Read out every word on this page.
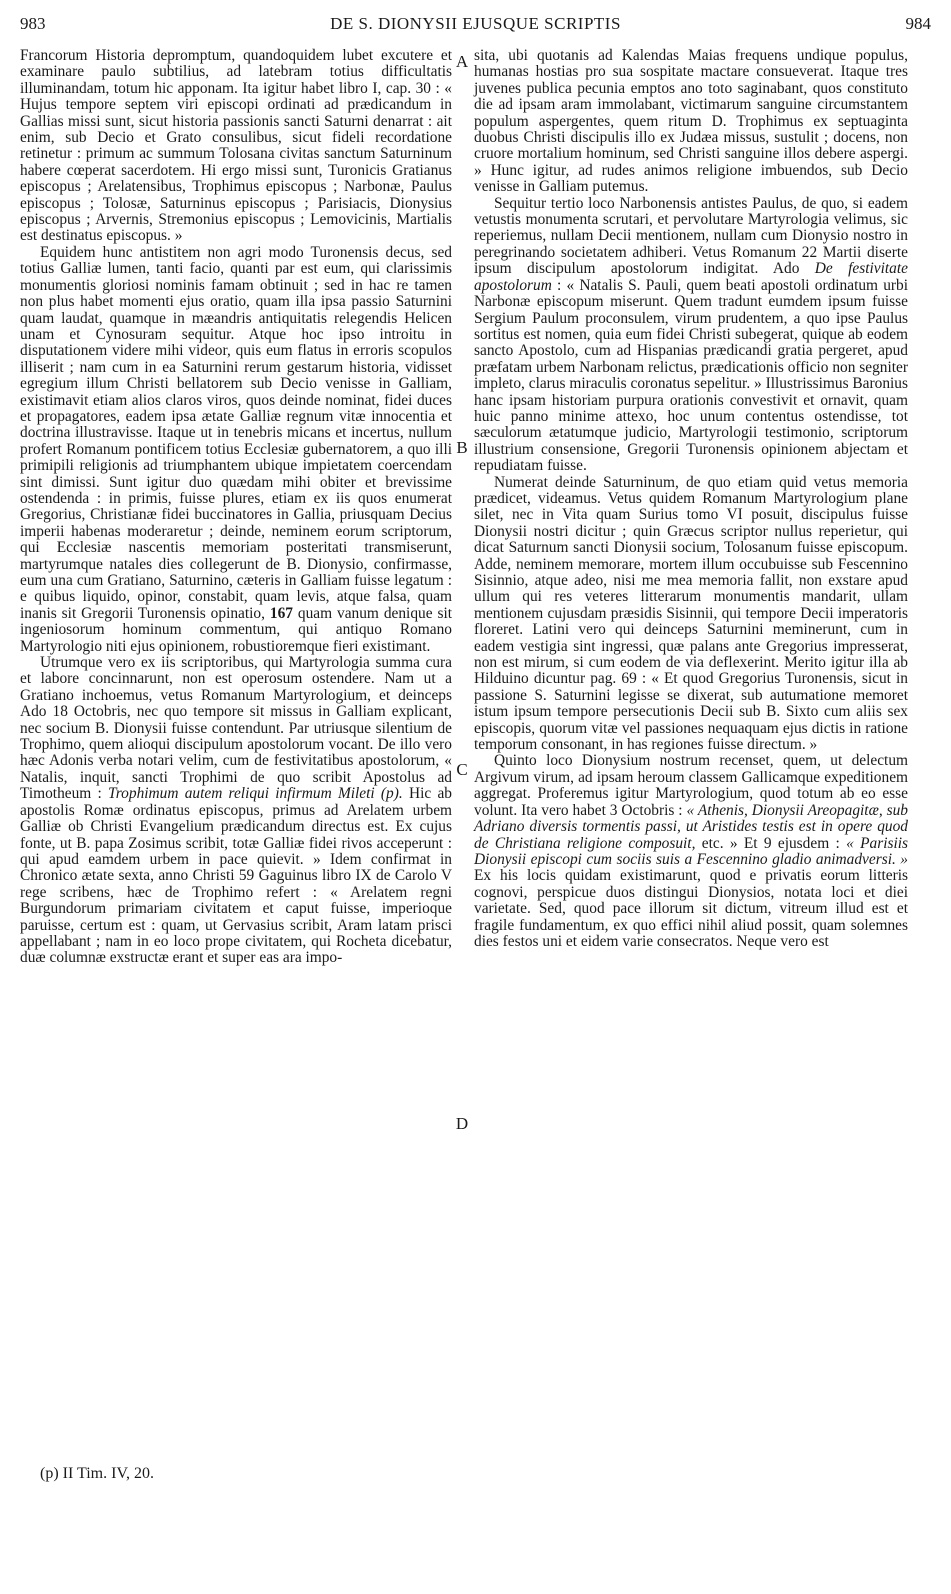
983	DE S. DIONYSII EJUSQUE SCRIPTIS	984

Francorum Historia depromptum, quandoquidem lubet excutere et examinare paulo subtilius, ad latebram totius difficultatis illuminandam, totum hic apponam. Ita igitur habet libro I, cap. 30 : « Hujus tempore septem viri episcopi ordinati ad prædicandum in Gallias missi sunt, sicut historia passionis sancti Saturni denarrat : ait enim, sub Decio et Grato consulibus, sicut fideli recordatione retinetur : primum ac summum Tolosana civitas sanctum Saturninum habere cœperat sacerdotem. Hi ergo missi sunt, Turonicis Gratianus episcopus ; Arelatensibus, Trophimus episcopus ; Narbonæ, Paulus episcopus ; Tolosæ, Saturninus episcopus ; Parisiacis, Dionysius episcopus ; Arvernis, Stremonius episcopus ; Lemovicinis, Martialis est destinatus episcopus. »

Equidem hunc antistitem non agri modo Turonensis decus, sed totius Galliæ lumen, tanti facio, quanti par est eum, qui clarissimis monumentis gloriosi nominis famam obtinuit ; sed in hac re tamen non plus habet momenti ejus oratio, quam illa ipsa passio Saturnini quam laudat, quamque in mæandris antiquitatis relegendis Helicen unam et Cynosuram sequitur. Atque hoc ipso introitu in disputationem videre mihi videor, quis eum flatus in erroris scopulos illiserit ; nam cum in ea Saturnini rerum gestarum historia, vidisset egregium illum Christi bellatorem sub Decio venisse in Galliam, existimavit etiam alios claros viros, quos deinde nominat, fidei duces et propagatores, eadem ipsa ætate Galliæ regnum vitæ innocentia et doctrina illustravisse. Itaque ut in tenebris micans et incertus, nullum profert Romanum pontificem totius Ecclesiæ gubernatorem, a quo illi primipili religionis ad triumphantem ubique impietatem coercendam sint dimissi. Sunt igitur duo quædam mihi obiter et brevissime ostendenda : in primis, fuisse plures, etiam ex iis quos enumerat Gregorius, Christianæ fidei buccinatores in Gallia, priusquam Decius imperii habenas moderaretur ; deinde, neminem eorum scriptorum, qui Ecclesiæ nascentis memoriam posteritati transmiserunt, martyrumque natales dies collegerunt de B. Dionysio, confirmasse, eum una cum Gratiano, Saturnino, cæteris in Galliam fuisse legatum : e quibus liquido, opinor, constabit, quam levis, atque falsa, quam inanis sit Gregorii Turonensis opinatio, 167 quam vanum denique sit ingeniosorum hominum commentum, qui antiquo Romano Martyrologio niti ejus opinionem, robustioremque fieri existimant.

Utrumque vero ex iis scriptoribus, qui Martyrologia summa cura et labore concinnarunt, non est operosum ostendere. Nam ut a Gratiano inchoemus, vetus Romanum Martyrologium, et deinceps Ado 18 Octobris, nec quo tempore sit missus in Galliam explicant, nec socium B. Dionysii fuisse contendunt. Par utriusque silentium de Trophimo, quem alioqui discipulum apostolorum vocant. De illo vero hæc Adonis verba notari velim, cum de festivitatibus apostolorum, « Natalis, inquit, sancti Trophimi de quo scribit Apostolus ad Timotheum : Trophimum autem reliqui infirmum Mileti (p). Hic ab apostolis Romæ ordinatus episcopus, primus ad Arelatem urbem Galliæ ob Christi Evangelium prædicandum directus est. Ex cujus fonte, ut B. papa Zosimus scribit, totæ Galliæ fidei rivos acceperunt : qui apud eamdem urbem in pace quievit. » Idem confirmat in Chronico ætate sexta, anno Christi 59 Gaguinus libro IX de Carolo V rege scribens, hæc de Trophimo refert : « Arelatem regni Burgundorum primariam civitatem et caput fuisse, imperioque paruisse, certum est : quam, ut Gervasius scribit, Aram latam prisci appellabant ; nam in eo loco prope civitatem, qui Rocheta dicebatur, duæ columnæ exstructæ erant et super eas ara impo-

A
B
C
D

sita, ubi quotanis ad Kalendas Maias frequens undique populus, humanas hostias pro sua sospitate mactare consueverat. Itaque tres juvenes publica pecunia emptos ano toto saginabant, quos constituto die ad ipsam aram immolabant, victimarum sanguine circumstantem populum aspergentes, quem ritum D. Trophimus ex septuaginta duobus Christi discipulis illo ex Judæa missus, sustulit ; docens, non cruore mortalium hominum, sed Christi sanguine illos debere aspergi. » Hunc igitur, ad rudes animos religione imbuendos, sub Decio venisse in Galliam putemus.

Sequitur tertio loco Narbonensis antistes Paulus, de quo, si eadem vetustis monumenta scrutari, et pervolutare Martyrologia velimus, sic reperiemus, nullam Decii mentionem, nullam cum Dionysio nostro in peregrinando societatem adhiberi. Vetus Romanum 22 Martii diserte ipsum discipulum apostolorum indigitat. Ado De festivitate apostolorum : « Natalis S. Pauli, quem beati apostoli ordinatum urbi Narbonæ episcopum miserunt. Quem tradunt eumdem ipsum fuisse Sergium Paulum proconsulem, virum prudentem, a quo ipse Paulus sortitus est nomen, quia eum fidei Christi subegerat, quique ab eodem sancto Apostolo, cum ad Hispanias prædicandi gratia pergeret, apud præfatam urbem Narbonam relictus, prædicationis officio non segniter impleto, clarus miraculis coronatus sepelitur. » Illustrissimus Baronius hanc ipsam historiam purpura orationis convestivit et ornavit, quam huic panno minime attexo, hoc unum contentus ostendisse, tot sæculorum ætatumque judicio, Martyrologii testimonio, scriptorum illustrium consensione, Gregorii Turonensis opinionem abjectam et repudiatam fuisse.

Numerat deinde Saturninum, de quo etiam quid vetus memoria prædicet, videamus. Vetus quidem Romanum Martyrologium plane silet, nec in Vita quam Surius tomo VI posuit, discipulus fuisse Dionysii nostri dicitur ; quin Græcus scriptor nullus reperietur, qui dicat Saturnum sancti Dionysii socium, Tolosanum fuisse episcopum. Adde, neminem memorare, mortem illum occubuisse sub Fescennino Sisinnio, atque adeo, nisi me mea memoria fallit, non exstare apud ullum qui res veteres litterarum monumentis mandarit, ullam mentionem cujusdam præsidis Sisinnii, qui tempore Decii imperatoris floreret. Latini vero qui deinceps Saturnini meminerunt, cum in eadem vestigia sint ingressi, quæ palans ante Gregorius impresserat, non est mirum, si cum eodem de via deflexerint. Merito igitur illa ab Hilduino dicuntur pag. 69 : « Et quod Gregorius Turonensis, sicut in passione S. Saturnini legisse se dixerat, sub autumatione memoret istum ipsum tempore persecutionis Decii sub B. Sixto cum aliis sex episcopis, quorum vitæ vel passiones nequaquam ejus dictis in ratione temporum consonant, in has regiones fuisse directum. »

Quinto loco Dionysium nostrum recenset, quem, ut delectum Argivum virum, ad ipsam heroum classem Gallicamque expeditionem aggregat. Proferemus igitur Martyrologium, quod totum ab eo esse volunt. Ita vero habet 3 Octobris : « Athenis, Dionysii Areopagitæ, sub Adriano diversis tormentis passi, ut Aristides testis est in opere quod de Christiana religione composuit, etc. » Et 9 ejusdem : « Parisiis Dionysii episcopi cum sociis suis a Fescennino gladio animadversi. » Ex his locis quidam existimarunt, quod e privatis eorum litteris cognovi, perspicue duos distingui Dionysios, notata loci et diei varietate. Sed, quod pace illorum sit dictum, vitreum illud est et fragile fundamentum, ex quo effici nihil aliud possit, quam solemnes dies festos uni et eidem varie consecratos. Neque vero est

(p) II Tim. IV, 20.
